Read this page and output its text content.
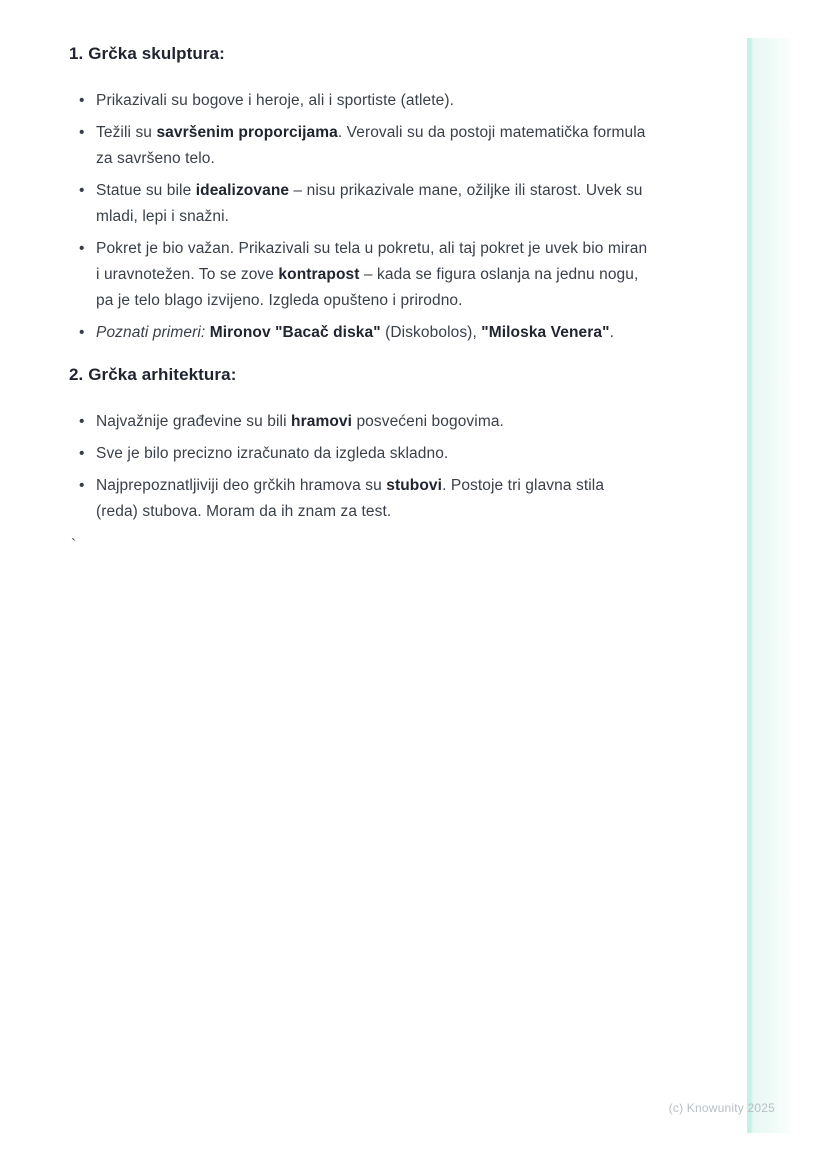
1. Grčka skulptura:
• Prikazivali su bogove i heroje, ali i sportiste (atlete).
• Težili su savršenim proporcijama. Verovali su da postoji matematička formula za savršeno telo.
• Statue su bile idealizovane – nisu prikazivale mane, ožiljke ili starost. Uvek su mladi, lepi i snažni.
• Pokret je bio važan. Prikazivali su tela u pokretu, ali taj pokret je uvek bio miran i uravnotežen. To se zove kontrapost – kada se figura oslanja na jednu nogu, pa je telo blago izvijeno. Izgleda opušteno i prirodno.
• Poznati primeri: Mironov "Bacač diska" (Diskobolos), "Miloska Venera".
2. Grčka arhitektura:
• Najvažnije građevine su bili hramovi posvećeni bogovima.
• Sve je bilo precizno izračunato da izgleda skladno.
• Najprepoznatljiviji deo grčkih hramova su stubovi. Postoje tri glavna stila (reda) stubova. Moram da ih znam za test.
`
(c) Knowunity 2025
